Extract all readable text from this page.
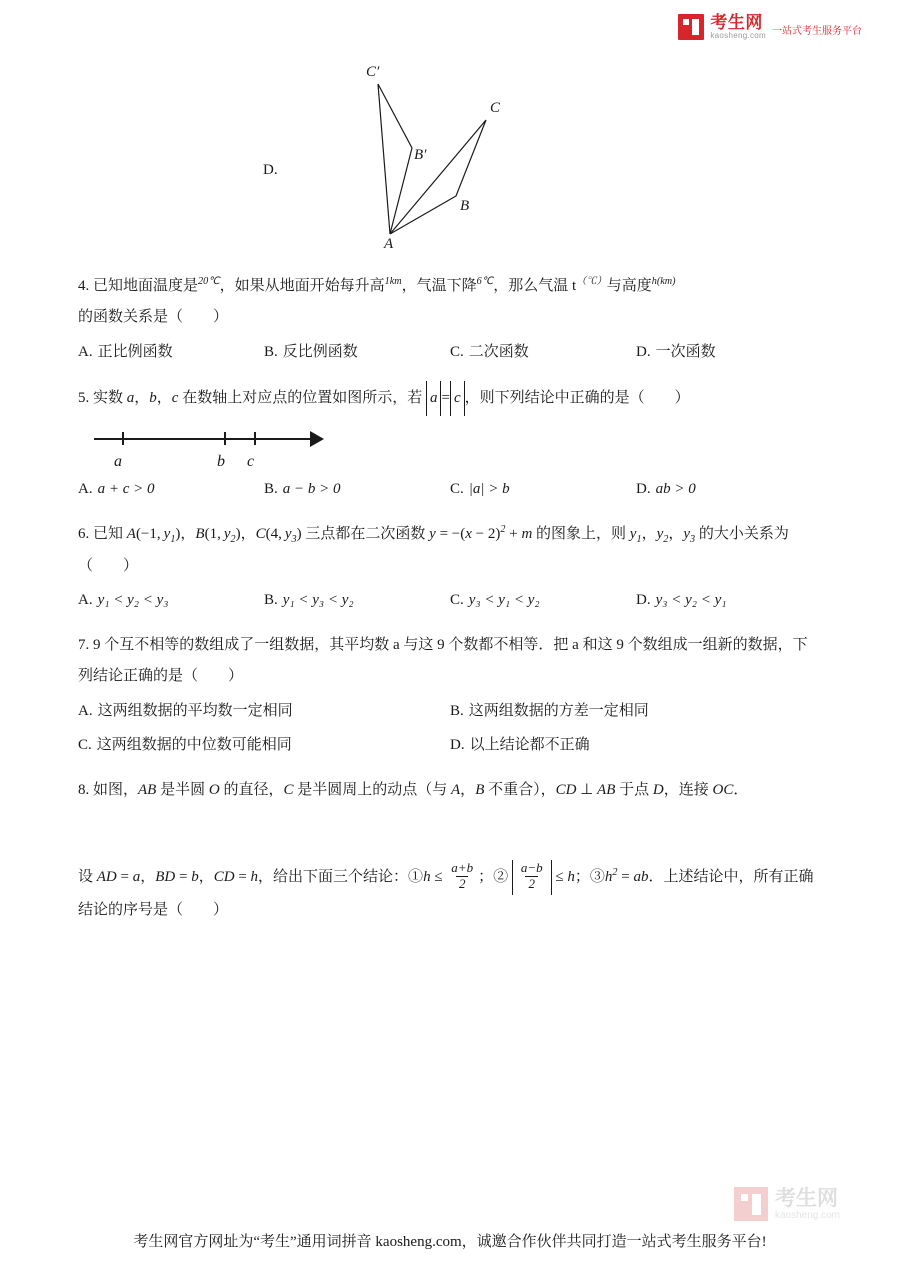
考生网
kaosheng.com 一站式考生服务平台
D.
C′
C
B′
B
A
4. 已知地面温度是$^{20℃}$，如果从地面开始每升高$^{1km}$，气温下降$^{6℃}$，那么气温 t（℃）与高度$^{h(km)}$的函数关系是（　　）
A. 正比例函数	B. 反比例函数	C. 二次函数	D. 一次函数
5. 实数 a，b，c 在数轴上对应点的位置如图所示，若 a = c ，则下列结论中正确的是（　　）
a	b c
A. a + c > 0	B. a − b > 0	C. |a| > b	D. ab > 0
6. 已知 A(−1, $y_1$)，B(1, $y_2$)，C(4, $y_3$) 三点都在二次函数 $y = -(x - 2)^2 + m$ 的图象上，则 $y_1$，$y_2$，$y_3$ 的大小关系为（　　）
A. y₁ < y₂ < y₃	B. y₁ < y₃ < y₂	C. y₃ < y₁ < y₂	D. y₃ < y₂ < y₁
7. 9 个互不相等的数组成了一组数据，其平均数 a 与这 9 个数都不相等．把 a 和这 9 个数组成一组新的数据，下列结论正确的是（　　）
A. 这两组数据的平均数一定相同	B. 这两组数据的方差一定相同
C. 这两组数据的中位数可能相同	D. 以上结论都不正确
8. 如图，AB 是半圆 O 的直径，C 是半圆周上的动点（与 A，B 不重合），CD ⊥ AB 于点 D，连接 OC．
设 AD = a，BD = b，CD = h，给出下面三个结论：①h ≤ $\frac{a+b}{2}$ ；② $\frac{a-b}{2} \le h$；$③h^2$ = ab．上述结论中，所有正确结论的序号是（　　）
考生网
kaosheng.com
考生网官方网址为“考生”通用词拼音 kaosheng.com，诚邀合作伙伴共同打造一站式考生服务平台!
